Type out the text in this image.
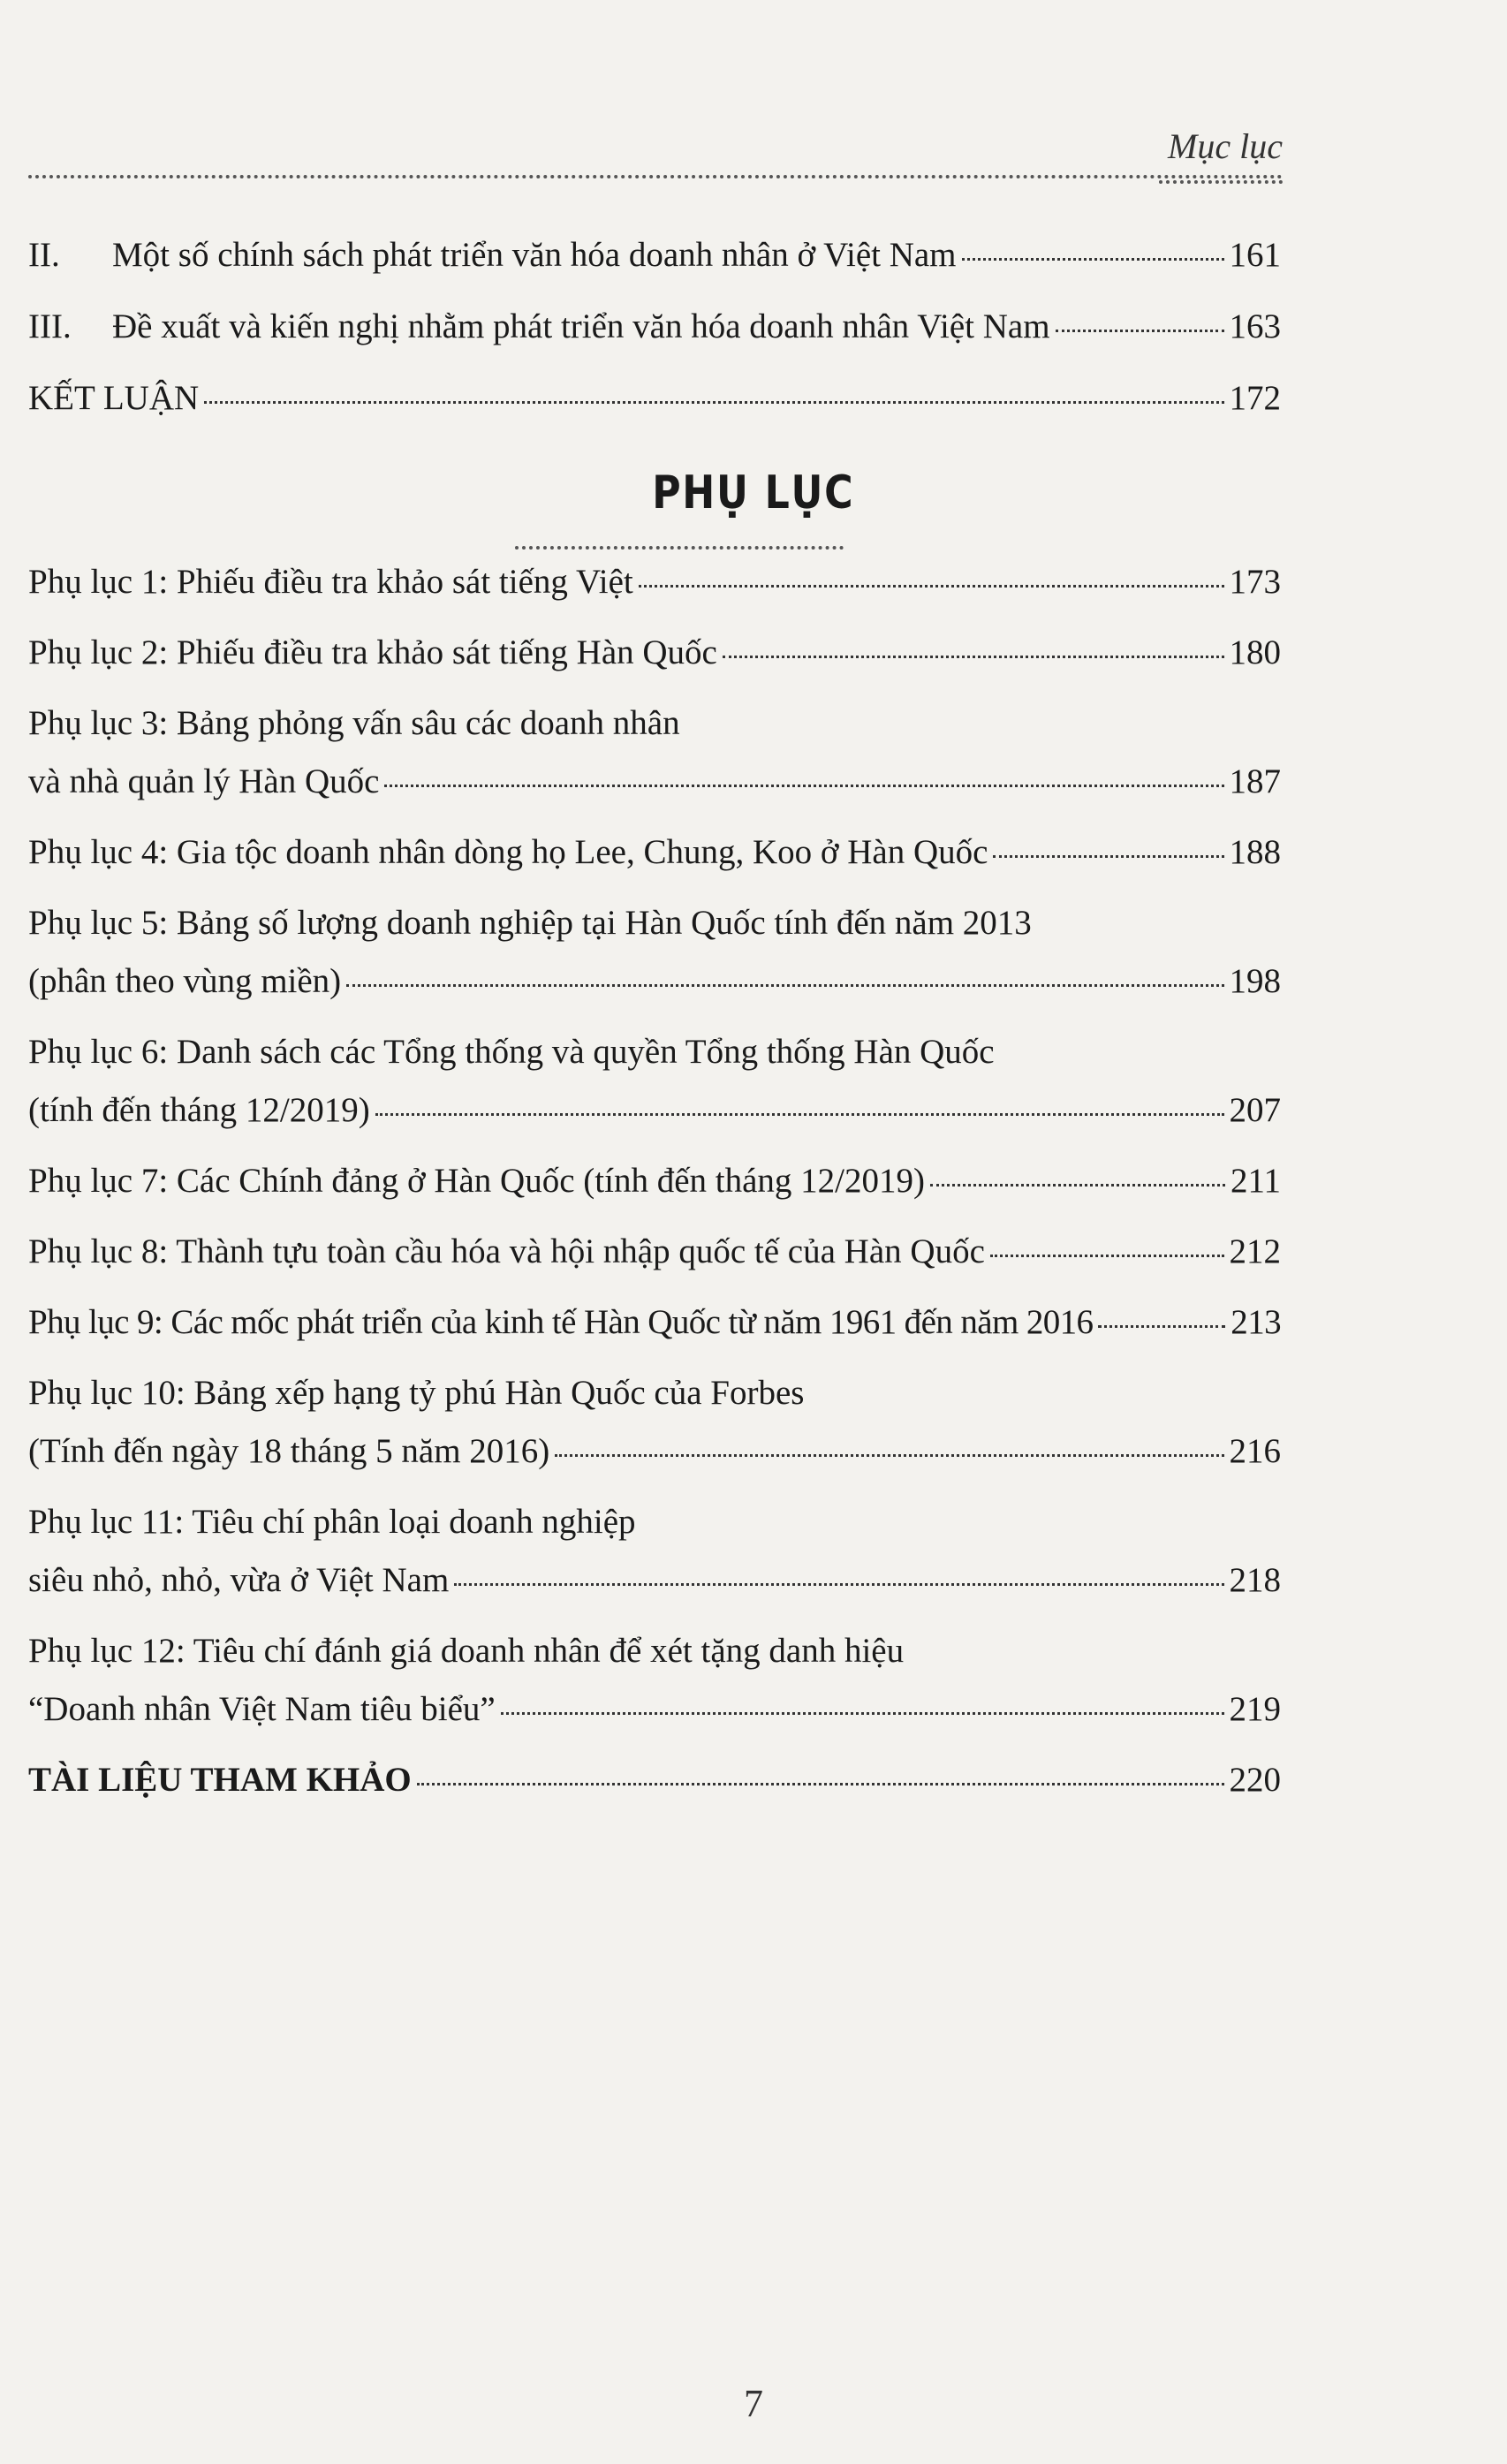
Mục lục
II.	Một số chính sách phát triển văn hóa doanh nhân ở Việt Nam	161
III.	Đề xuất và kiến nghị nhằm phát triển văn hóa doanh nhân Việt Nam	163
KẾT LUẬN	172
PHỤ LỤC
Phụ lục 1: Phiếu điều tra khảo sát tiếng Việt	173
Phụ lục 2: Phiếu điều tra khảo sát tiếng Hàn Quốc	180
Phụ lục 3: Bảng phỏng vấn sâu các doanh nhân
và nhà quản lý Hàn Quốc	187
Phụ lục 4: Gia tộc doanh nhân dòng họ Lee, Chung, Koo ở Hàn Quốc	188
Phụ lục 5: Bảng số lượng doanh nghiệp tại Hàn Quốc tính đến năm 2013
(phân theo vùng miền)	198
Phụ lục 6: Danh sách các Tổng thống và quyền Tổng thống Hàn Quốc
(tính đến tháng 12/2019)	207
Phụ lục 7: Các Chính đảng ở Hàn Quốc (tính đến tháng 12/2019)	211
Phụ lục 8: Thành tựu toàn cầu hóa và hội nhập quốc tế của Hàn Quốc	212
Phụ lục 9: Các mốc phát triển của kinh tế Hàn Quốc từ năm 1961 đến năm 2016	213
Phụ lục 10: Bảng xếp hạng tỷ phú Hàn Quốc của Forbes
(Tính đến ngày 18 tháng 5 năm 2016)	216
Phụ lục 11: Tiêu chí phân loại doanh nghiệp
siêu nhỏ, nhỏ, vừa ở Việt Nam	218
Phụ lục 12: Tiêu chí đánh giá doanh nhân để xét tặng danh hiệu
“Doanh nhân Việt Nam tiêu biểu”	219
TÀI LIỆU THAM KHẢO	220
7
